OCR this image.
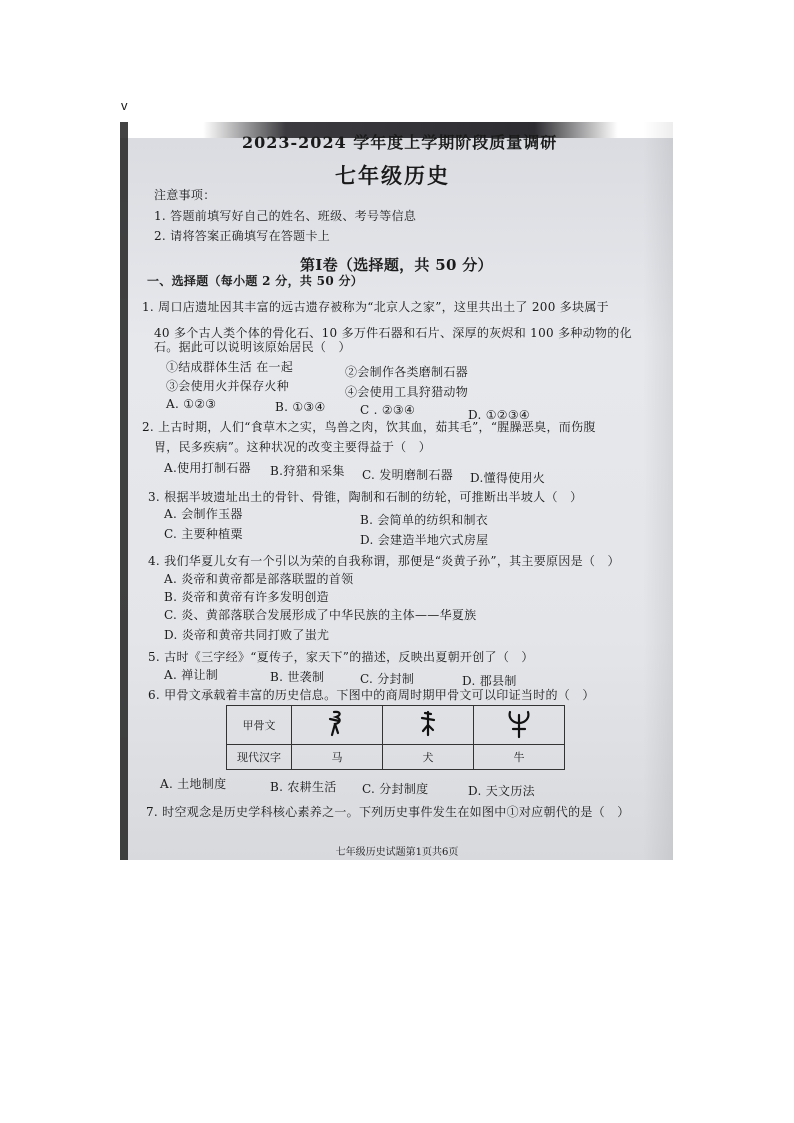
v
2023-2024 学年度上学期阶段质量调研
七年级历史
注意事项：
1. 答题前填写好自己的姓名、班级、考号等信息
2. 请将答案正确填写在答题卡上
第Ⅰ卷（选择题，共 50 分）
一、选择题（每小题 2 分，共 50 分）
1. 周口店遗址因其丰富的远古遗存被称为“北京人之家”，这里共出土了 200 多块属于
40 多个古人类个体的骨化石、10 多万件石器和石片、深厚的灰烬和 100 多种动物的化
石。据此可以说明该原始居民（　）
①结成群体生活 在一起	②会制作各类磨制石器
③会使用火并保存火种	④会使用工具狩猎动物
A. ①②③	B. ①③④	C . ②③④	D. ①②③④
2. 上古时期，人们“食草木之实，鸟兽之肉，饮其血，茹其毛”，“腥臊恶臭，而伤腹
胃，民多疾病”。这种状况的改变主要得益于（　）
A.使用打制石器 B.狩猎和采集 C. 发明磨制石器 D.懂得使用火
3. 根据半坡遗址出土的骨针、骨锥，陶制和石制的纺轮，可推断出半坡人（　）
A. 会制作玉器	B. 会简单的纺织和制衣
C. 主要种植粟	D. 会建造半地穴式房屋
4. 我们华夏儿女有一个引以为荣的自我称谓，那便是“炎黄子孙”，其主要原因是（　）
A. 炎帝和黄帝都是部落联盟的首领
B. 炎帝和黄帝有许多发明创造
C. 炎、黄部落联合发展形成了中华民族的主体——华夏族
D. 炎帝和黄帝共同打败了蚩尤
5. 古时《三字经》“夏传子，家天下”的描述，反映出夏朝开创了（　）
A. 禅让制	B. 世袭制	C. 分封制	D. 郡县制
6. 甲骨文承载着丰富的历史信息。下图中的商周时期甲骨文可以印证当时的（　）
甲骨文			
现代汉字	马	犬	牛
A. 土地制度	B. 农耕生活 C. 分封制度	D. 天文历法
7. 时空观念是历史学科核心素养之一。下列历史事件发生在如图中①对应朝代的是（　）
七年级历史试题第1页共6页
